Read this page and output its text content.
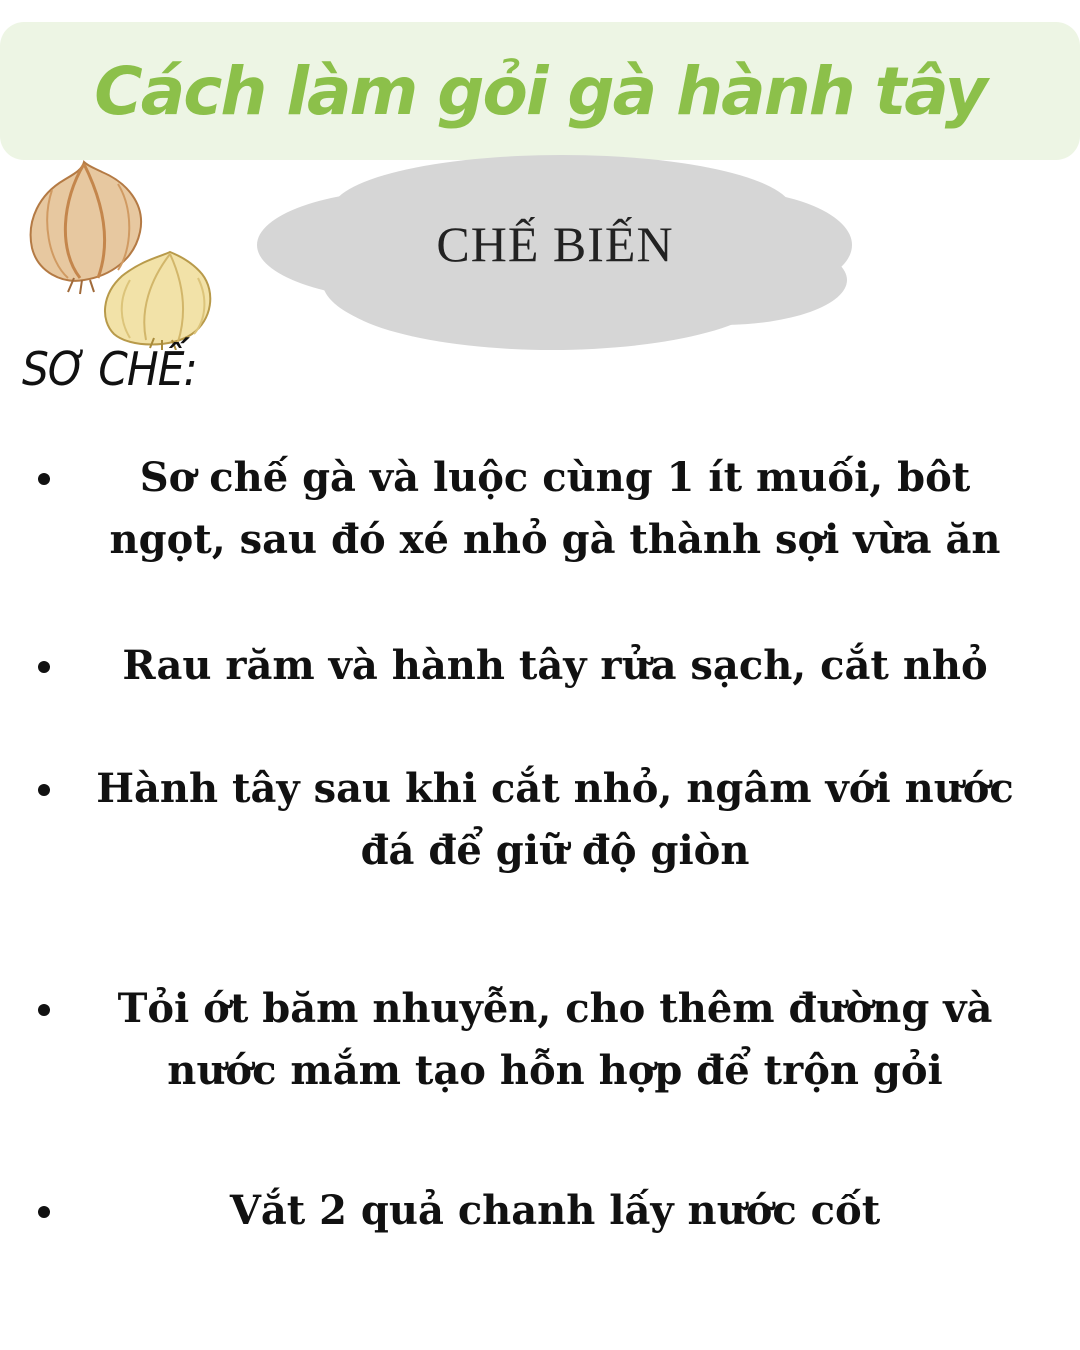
Cách làm gỏi gà hành tây
CHẾ BIẾN
SƠ CHẾ:
Sơ chế gà và luộc cùng 1 ít muối, bôt ngọt, sau đó xé nhỏ gà thành sợi vừa ăn
Rau răm và hành tây rửa sạch, cắt nhỏ
Hành tây sau khi cắt nhỏ, ngâm với nước đá để giữ độ giòn
Tỏi ớt băm nhuyễn, cho thêm đường và nước mắm tạo hỗn hợp để trộn gỏi
Vắt 2 quả chanh lấy nước cốt
